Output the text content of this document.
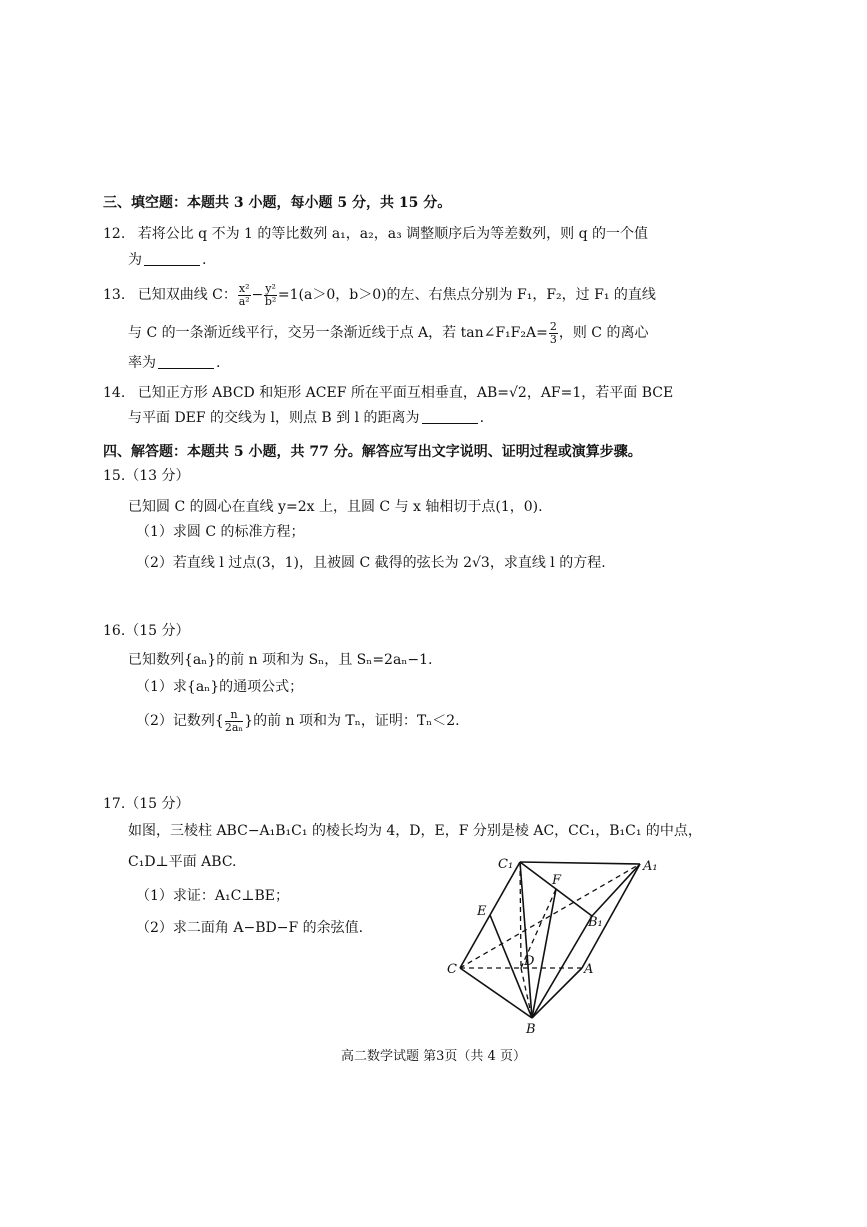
三、填空题：本题共 3 小题，每小题 5 分，共 15 分。
12. 若将公比 q 不为 1 的等比数列 a₁，a₂，a₃ 调整顺序后为等差数列，则 q 的一个值
为	.
13. 已知双曲线 C： $\frac{\text{x²}}{\text{a²}} - \frac{\text{y²}}{\text{b²}} =1(a>0$，b＞0)的左、右焦点分别为 F₁，F₂，过 F₁ 的直线
与 C 的一条渐近线平行，交另一条渐近线于点 A，若 tan∠F₁F₂A= $\frac{2}{3}$ ，则 C 的离心
率为	.
14. 已知正方形 ABCD 和矩形 ACEF 所在平面互相垂直，AB=√2，AF=1，若平面 BCE
与平面 DEF 的交线为 l，则点 B 到 l 的距离为	.
四、解答题：本题共 5 小题，共 77 分。解答应写出文字说明、证明过程或演算步骤。
15.（13 分）
已知圆 C 的圆心在直线 y=2x 上，且圆 C 与 x 轴相切于点(1，0).
（1）求圆 C 的标准方程；
（2）若直线 l 过点(3，1)，且被圆 C 截得的弦长为 2√3，求直线 l 的方程.
16.（15 分）
已知数列{aₙ}的前 n 项和为 Sₙ，且 Sₙ=2aₙ−1.
（1）求{aₙ}的通项公式；
（2）记数列{ $\frac{n}{\text{2aₙ}}$ }的前 n 项和为 Tₙ，证明：Tₙ＜2.
17.（15 分）
如图，三棱柱 ABC−A₁B₁C₁ 的棱长均为 4，D，E，F 分别是棱 AC，CC₁，B₁C₁ 的中点，
C₁D⊥平面 ABC.
（1）求证：A₁C⊥BE；
（2）求二面角 A−BD−F 的余弦值.
C₁	A₁
F
E
B₁
D
C	A
B
高二数学试题 第3页（共 4 页）
